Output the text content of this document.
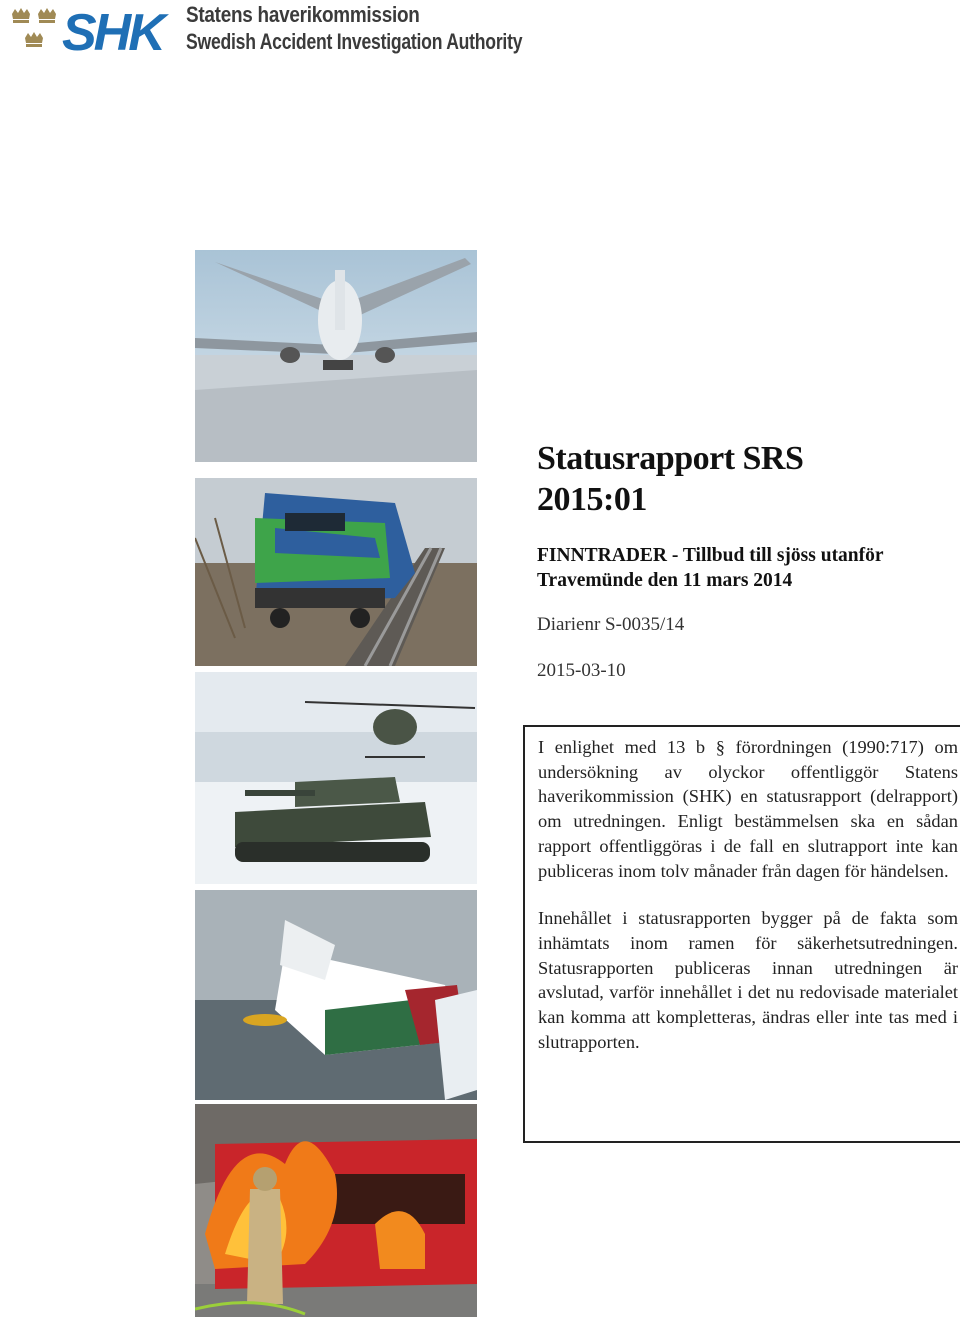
SHK Statens haverikommission
Swedish Accident Investigation Authority
Statusrapport SRS
2015:01
FINNTRADER - Tillbud till sjöss utanför
Travemünde den 11 mars 2014
Diarienr S-0035/14
2015-03-10

I enlighet med 13 b § förordningen (1990:717) om undersökning av olyckor offentliggör Statens haverikommission (SHK) en statusrapport (delrapport) om utredningen. Enligt bestämmelsen ska en sådan rapport offentliggöras i de fall en slutrapport inte kan publiceras inom tolv månader från dagen för händelsen.

Innehållet i statusrapporten bygger på de fakta som inhämtats inom ramen för säkerhetsutredningen. Statusrapporten publiceras innan utredningen är avslutad, varför innehållet i det nu redovisade materialet kan komma att kompletteras, ändras eller inte tas med i slutrapporten.
